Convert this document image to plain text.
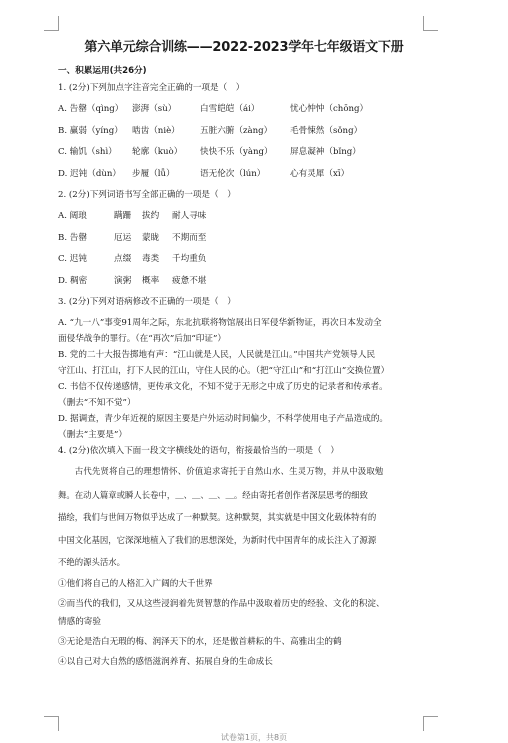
第六单元综合训练——2022-2023学年七年级语文下册
一、积累运用(共26分)
1. (2分)下列加点字注音完全正确的一项是（　）
A. 告罄（qìng） 澎湃（sù）	白雪皑皑（ái）	忧心忡忡（chōng）
B. 赢弱（yíng） 啮齿（niè） 五脏六腑（zàng） 毛骨悚然（sǒng）
C. 输饥（shì） 轮廓（kuò） 快快不乐（yàng） 屏息凝神（bǐng）
D. 迟钝（dùn） 步履（lǚ）	语无伦次（lún）	心有灵犀（xī）
2. (2分)下列词语书写全部正确的一项是（　）
A. 阔琅	蹒跚 拔约 耐人寻味
B. 告罄	厄运 蒙眬 不期而至
C. 迟钝	点缀 毒类 千均重负
D. 稠密	演粥 概率 疲惫不堪
3. (2分)下列对语病修改不正确的一项是（　）
A. “九一八”事变91周年之际，东北抗联将物馆展出日军侵华新物证，再次日本发动全
面侵华战争的罪行。（在“再次”后加“印证”）
B. 党的二十大报告掷地有声：“江山就是人民，人民就是江山。”中国共产党领导人民
守江山、打江山，打下人民的江山，守住人民的心。（把“守江山”和“打江山”交换位置）
C. 书信不仅传递感情，更传承文化，不知不觉于无形之中成了历史的记录者和传承者。
（删去“不知不觉”）
D. 据调查，青少年近视的原因主要是户外运动时间偏少，不科学使用电子产品造成的。
（删去“主要是”）
4. (2分)依次填入下面一段文字横线处的语句，衔接最恰当的一项是（　）
古代先贤将自己的理想情怀、价值追求寄托于自然山水、生灵万物，并从中汲取勉
舞。在动人篇章或瞬人长卷中，＿、＿、＿、＿。经由寄托者创作者深层思考的细致
描绘，我们与世间万物似乎达成了一种默契。这种默契，其实就是中国文化载体特有的
中国文化基因，它深深地植入了我们的思想深处，为新时代中国青年的成长注入了源源
不绝的源头活水。
①他们将自己的人格汇入广阔的大千世界
②而当代的我们，又从这些浸润着先贤智慧的作品中汲取着历史的经验、文化的积淀、
情感的寄验
③无论是浩白无瑕的梅、润泽天下的水，还是傲首耕耘的牛、高雅出尘的鹤
④以自己对大自然的感悟滋润养育、拓展自身的生命成长
试卷第1页，共8页
